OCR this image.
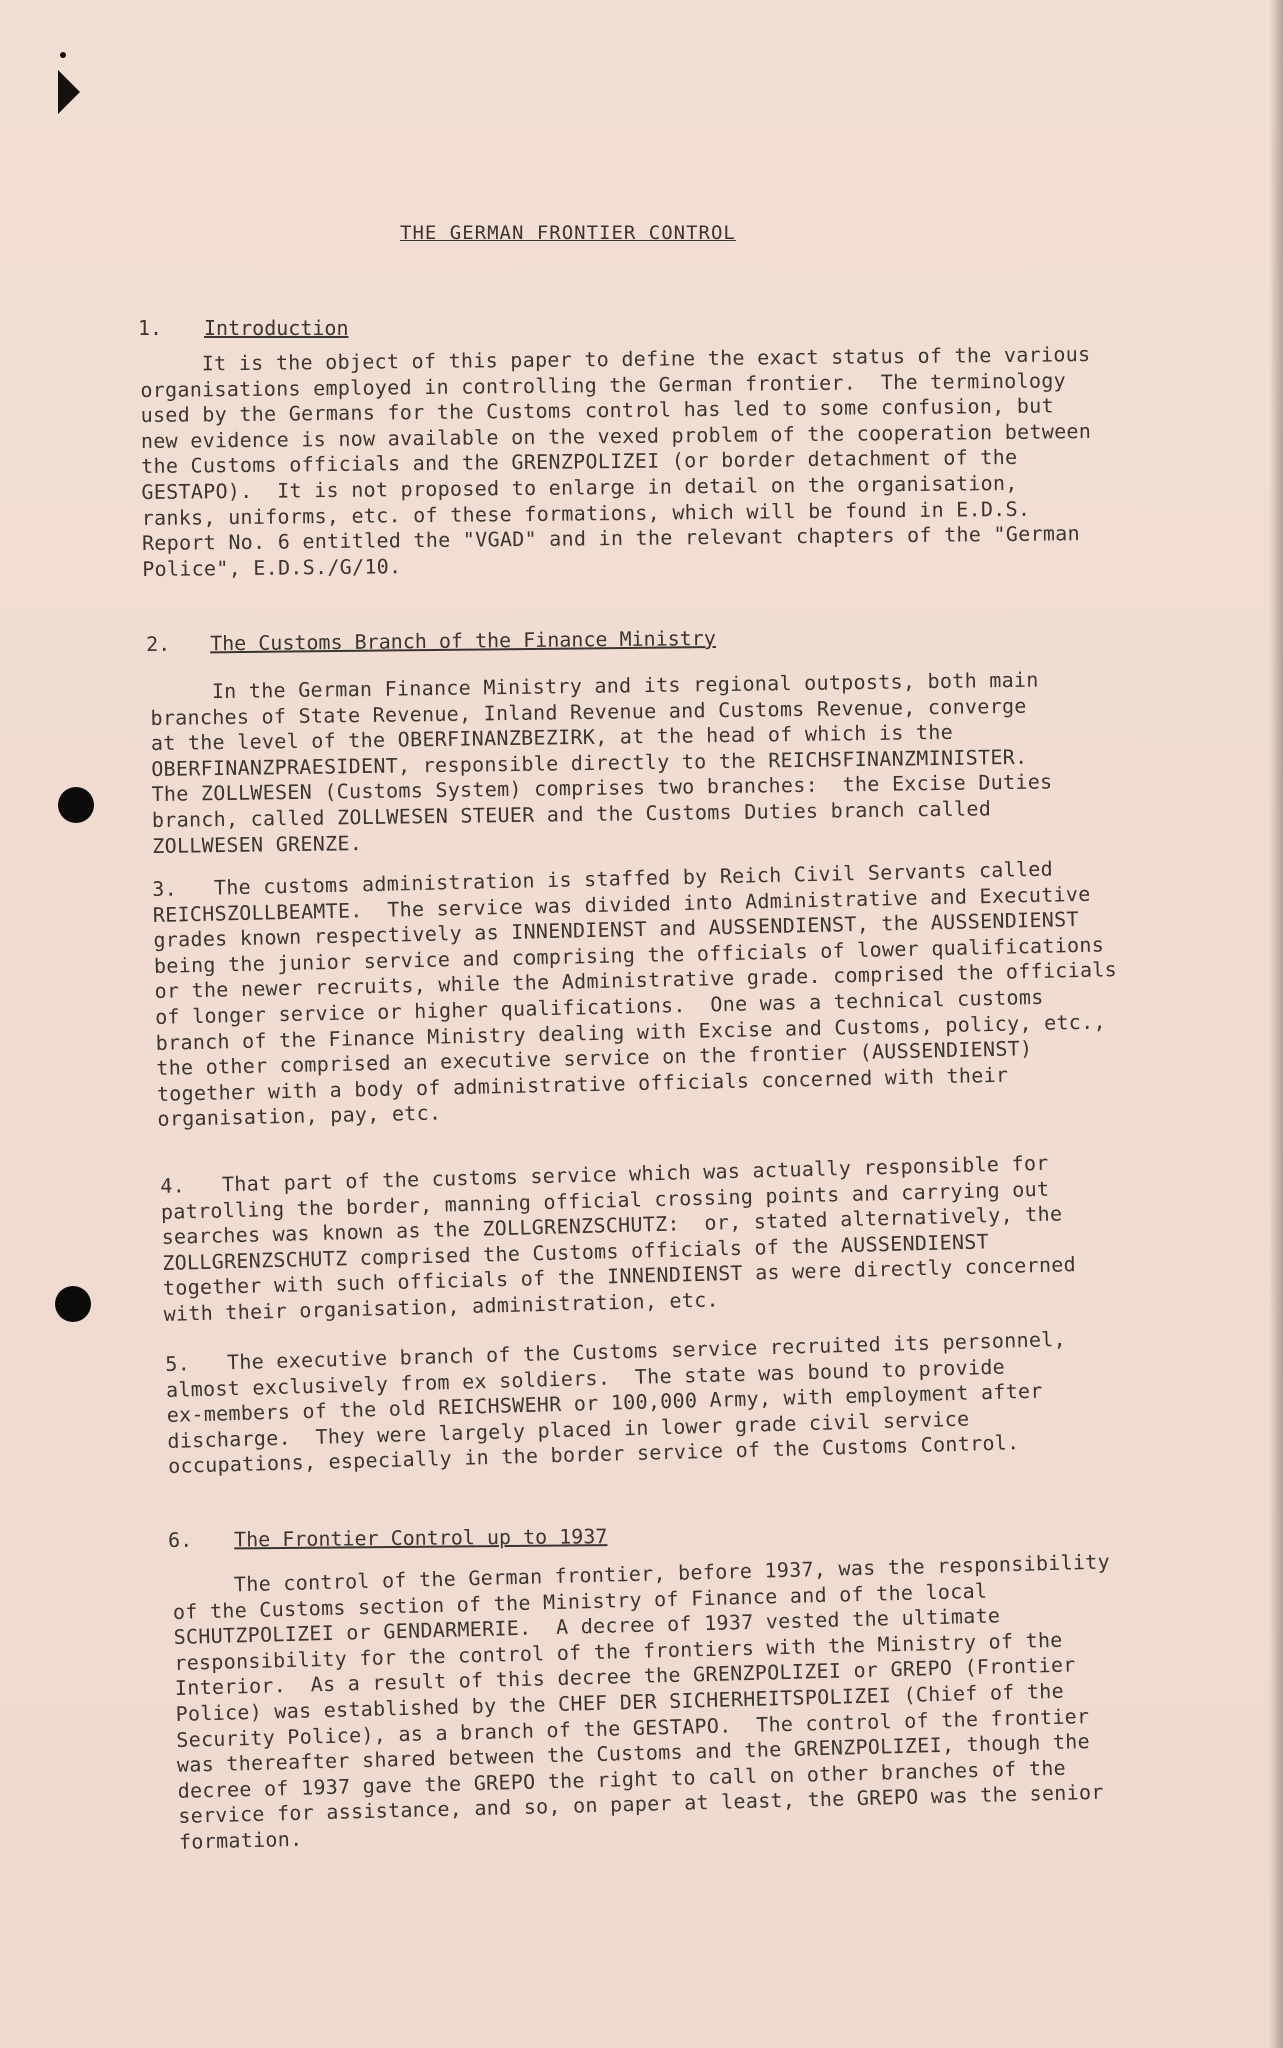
THE GERMAN FRONTIER CONTROL
1. Introduction
It is the object of this paper to define the exact status of the various
organisations employed in controlling the German frontier.  The terminology
used by the Germans for the Customs control has led to some confusion, but
new evidence is now available on the vexed problem of the cooperation between
the Customs officials and the GRENZPOLIZEI (or border detachment of the
GESTAPO).  It is not proposed to enlarge in detail on the organisation,
ranks, uniforms, etc. of these formations, which will be found in E.D.S.
Report No. 6 entitled the "VGAD" and in the relevant chapters of the "German
Police", E.D.S./G/10.
2. The Customs Branch of the Finance Ministry
In the German Finance Ministry and its regional outposts, both main
branches of State Revenue, Inland Revenue and Customs Revenue, converge
at the level of the OBERFINANZBEZIRK, at the head of which is the
OBERFINANZPRAESIDENT, responsible directly to the REICHSFINANZMINISTER.
The ZOLLWESEN (Customs System) comprises two branches:  the Excise Duties
branch, called ZOLLWESEN STEUER and the Customs Duties branch called
ZOLLWESEN GRENZE.
3.   The customs administration is staffed by Reich Civil Servants called
REICHSZOLLBEAMTE.  The service was divided into Administrative and Executive
grades known respectively as INNENDIENST and AUSSENDIENST, the AUSSENDIENST
being the junior service and comprising the officials of lower qualifications
or the newer recruits, while the Administrative grade. comprised the officials
of longer service or higher qualifications.  One was a technical customs
branch of the Finance Ministry dealing with Excise and Customs, policy, etc.,
the other comprised an executive service on the frontier (AUSSENDIENST)
together with a body of administrative officials concerned with their
organisation, pay, etc.
4.   That part of the customs service which was actually responsible for
patrolling the border, manning official crossing points and carrying out
searches was known as the ZOLLGRENZSCHUTZ:  or, stated alternatively, the
ZOLLGRENZSCHUTZ comprised the Customs officials of the AUSSENDIENST
together with such officials of the INNENDIENST as were directly concerned
with their organisation, administration, etc.
5.   The executive branch of the Customs service recruited its personnel,
almost exclusively from ex soldiers.  The state was bound to provide
ex-members of the old REICHSWEHR or 100,000 Army, with employment after
discharge.  They were largely placed in lower grade civil service
occupations, especially in the border service of the Customs Control.
6. The Frontier Control up to 1937
The control of the German frontier, before 1937, was the responsibility
of the Customs section of the Ministry of Finance and of the local
SCHUTZPOLIZEI or GENDARMERIE.  A decree of 1937 vested the ultimate
responsibility for the control of the frontiers with the Ministry of the
Interior.  As a result of this decree the GRENZPOLIZEI or GREPO (Frontier
Police) was established by the CHEF DER SICHERHEITSPOLIZEI (Chief of the
Security Police), as a branch of the GESTAPO.  The control of the frontier
was thereafter shared between the Customs and the GRENZPOLIZEI, though the
decree of 1937 gave the GREPO the right to call on other branches of the
service for assistance, and so, on paper at least, the GREPO was the senior
formation.
